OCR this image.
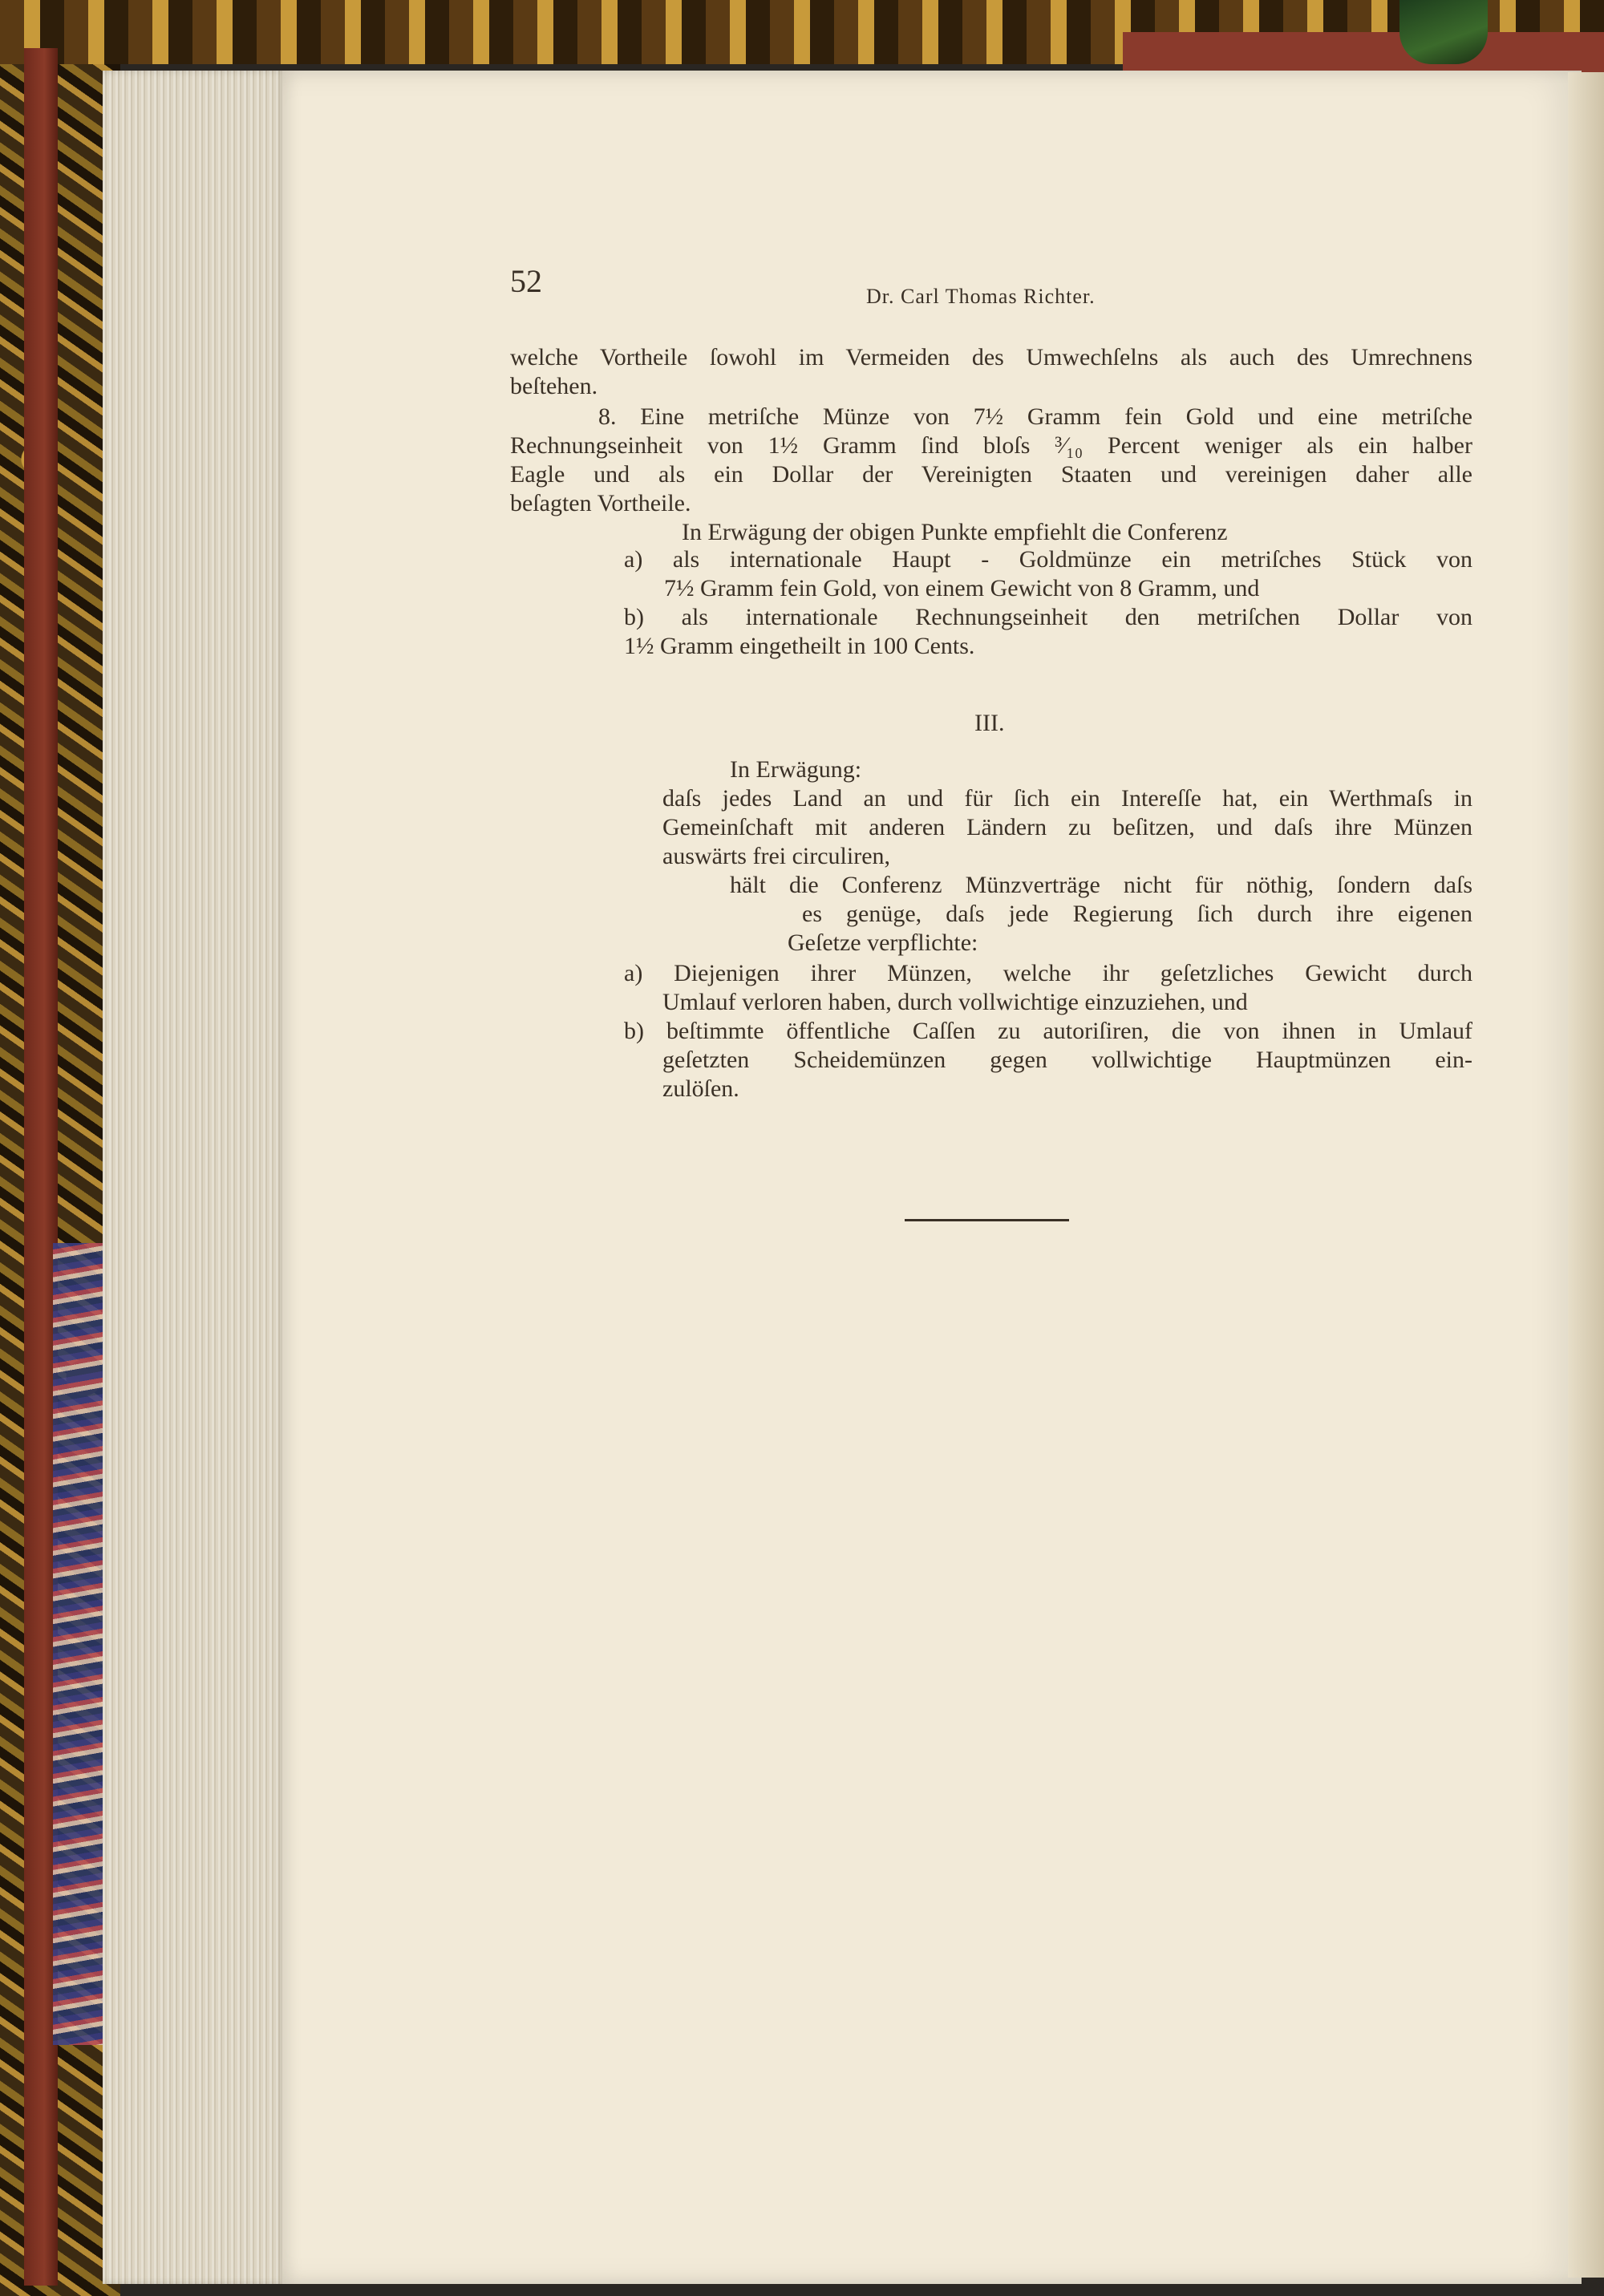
52	Dr. Carl Thomas Richter.
welche Vortheile ſowohl im Vermeiden des Umwechſelns als auch des Umrechnens
beſtehen.
8. Eine metriſche Münze von 7½ Gramm fein Gold und eine metriſche
Rechnungseinheit von 1½ Gramm ſind bloſs ³⁄₁₀ Percent weniger als ein halber
Eagle und als ein Dollar der Vereinigten Staaten und vereinigen daher alle
beſagten Vortheile.
In Erwägung der obigen Punkte empfiehlt die Conferenz
a) als internationale Haupt - Goldmünze ein metriſches Stück von
7½ Gramm fein Gold, von einem Gewicht von 8 Gramm, und
b) als internationale Rechnungseinheit den metriſchen Dollar von
1½ Gramm eingetheilt in 100 Cents.
III.
In Erwägung:
daſs jedes Land an und für ſich ein Intereſſe hat, ein Werthmaſs in
Gemeinſchaft mit anderen Ländern zu beſitzen, und daſs ihre Münzen
auswärts frei circuliren,
hält die Conferenz Münzverträge nicht für nöthig, ſondern daſs
es genüge, daſs jede Regierung ſich durch ihre eigenen
Geſetze verpflichte:
a) Diejenigen ihrer Münzen, welche ihr geſetzliches Gewicht durch
Umlauf verloren haben, durch vollwichtige einzuziehen, und
b) beſtimmte öffentliche Caſſen zu autoriſiren, die von ihnen in Umlauf
geſetzten Scheidemünzen gegen vollwichtige Hauptmünzen ein-
zulöſen.
